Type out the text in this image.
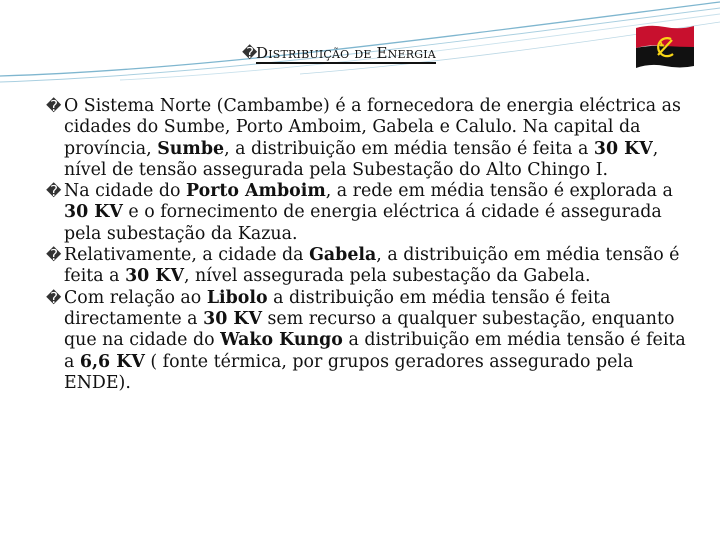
�Distribuição de Energia

� O Sistema Norte (Cambambe) é a fornecedora de energia eléctrica as cidades do Sumbe, Porto Amboim, Gabela e Calulo. Na capital da província, Sumbe, a distribuição em média tensão é feita a 30 KV, nível de tensão assegurada pela Subestação do Alto Chingo I.

� Na cidade do Porto Amboim, a rede em média tensão é explorada a 30 KV e o fornecimento de energia eléctrica á cidade é assegurada pela subestação da Kazua.

� Relativamente, a cidade da Gabela, a distribuição em média tensão é feita a 30 KV, nível assegurada pela subestação da Gabela.

� Com relação ao Libolo a distribuição em média tensão é feita directamente a 30 KV sem recurso a qualquer subestação, enquanto que na cidade do Wako Kungo a distribuição em média tensão é feita a 6,6 KV ( fonte térmica, por grupos geradores assegurado pela ENDE).
